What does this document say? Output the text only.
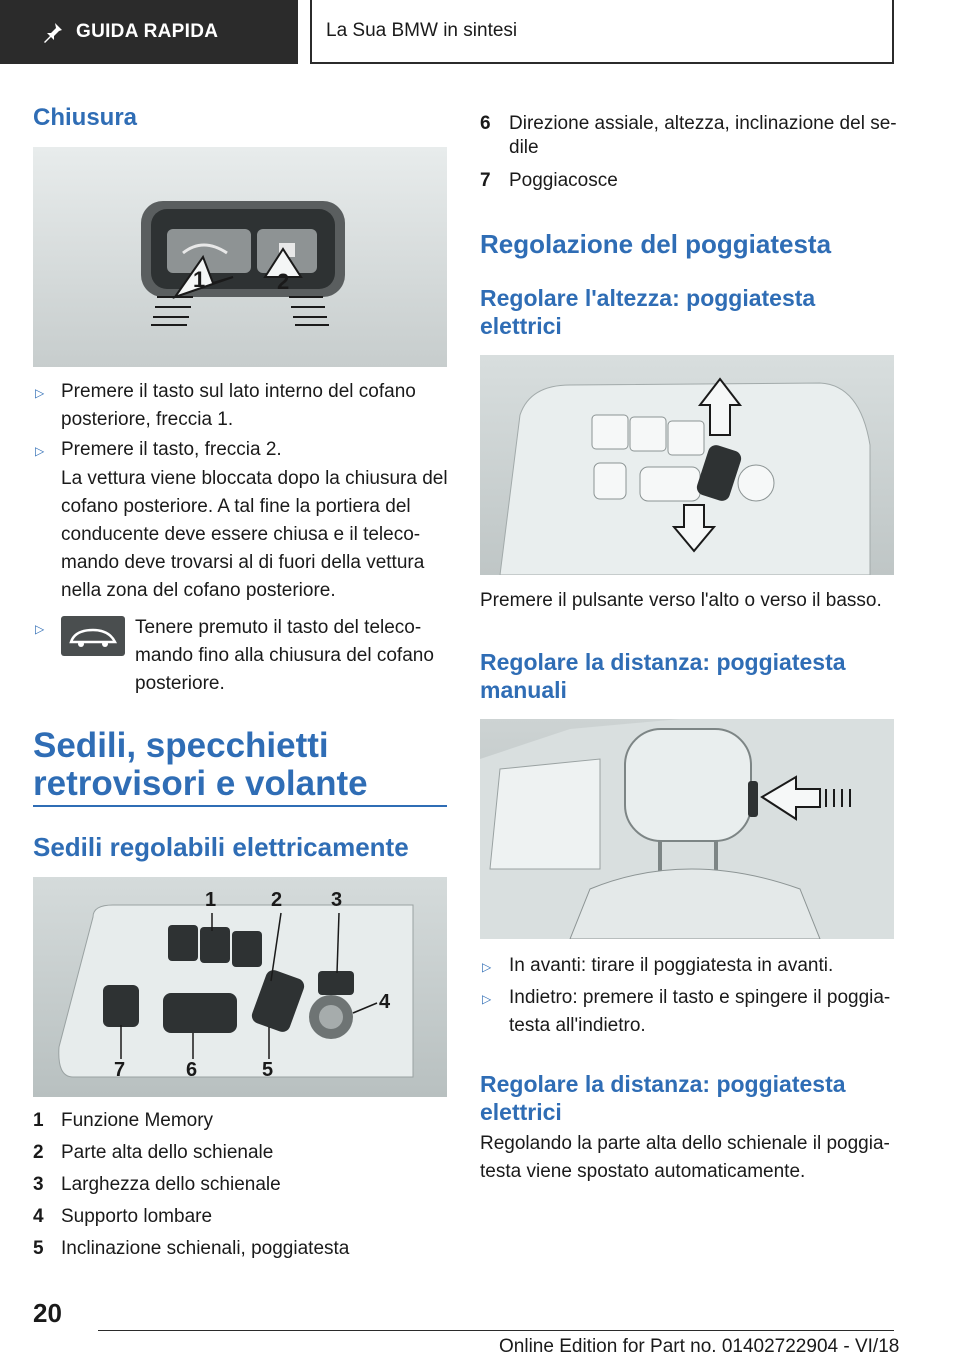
GUIDA RAPIDA	La Sua BMW in sintesi
Chiusura
1	2
▷ Premere il tasto sul lato interno del cofano posteriore, freccia 1.
▷ Premere il tasto, freccia 2.
La vettura viene bloccata dopo la chiusura del cofano posteriore. A tal fine la portiera del conducente deve essere chiusa e il teleco-mando deve trovarsi al di fuori della vettura nella zona del cofano posteriore.
▷	Tenere premuto il tasto del teleco-mando fino alla chiusura del cofano posteriore.
Sedili, specchietti
retrovisori e volante
Sedili regolabili elettricamente
1	2 3
4
5
6
7
1 Funzione Memory
2 Parte alta dello schienale
3 Larghezza dello schienale
4 Supporto lombare
5 Inclinazione schienali, poggiatesta
6 Direzione assiale, altezza, inclinazione del se-
dile
7 Poggiacosce
Regolazione del poggiatesta
Regolare l'altezza: poggiatesta elettrici
Premere il pulsante verso l'alto o verso il basso.
Regolare la distanza: poggiatesta manuali
▷ In avanti: tirare il poggiatesta in avanti.
▷ Indietro: premere il tasto e spingere il poggia-testa all'indietro.
Regolare la distanza: poggiatesta elettrici
Regolando la parte alta dello schienale il poggia-testa viene spostato automaticamente.
20
Online Edition for Part no. 01402722904 - VI/18
